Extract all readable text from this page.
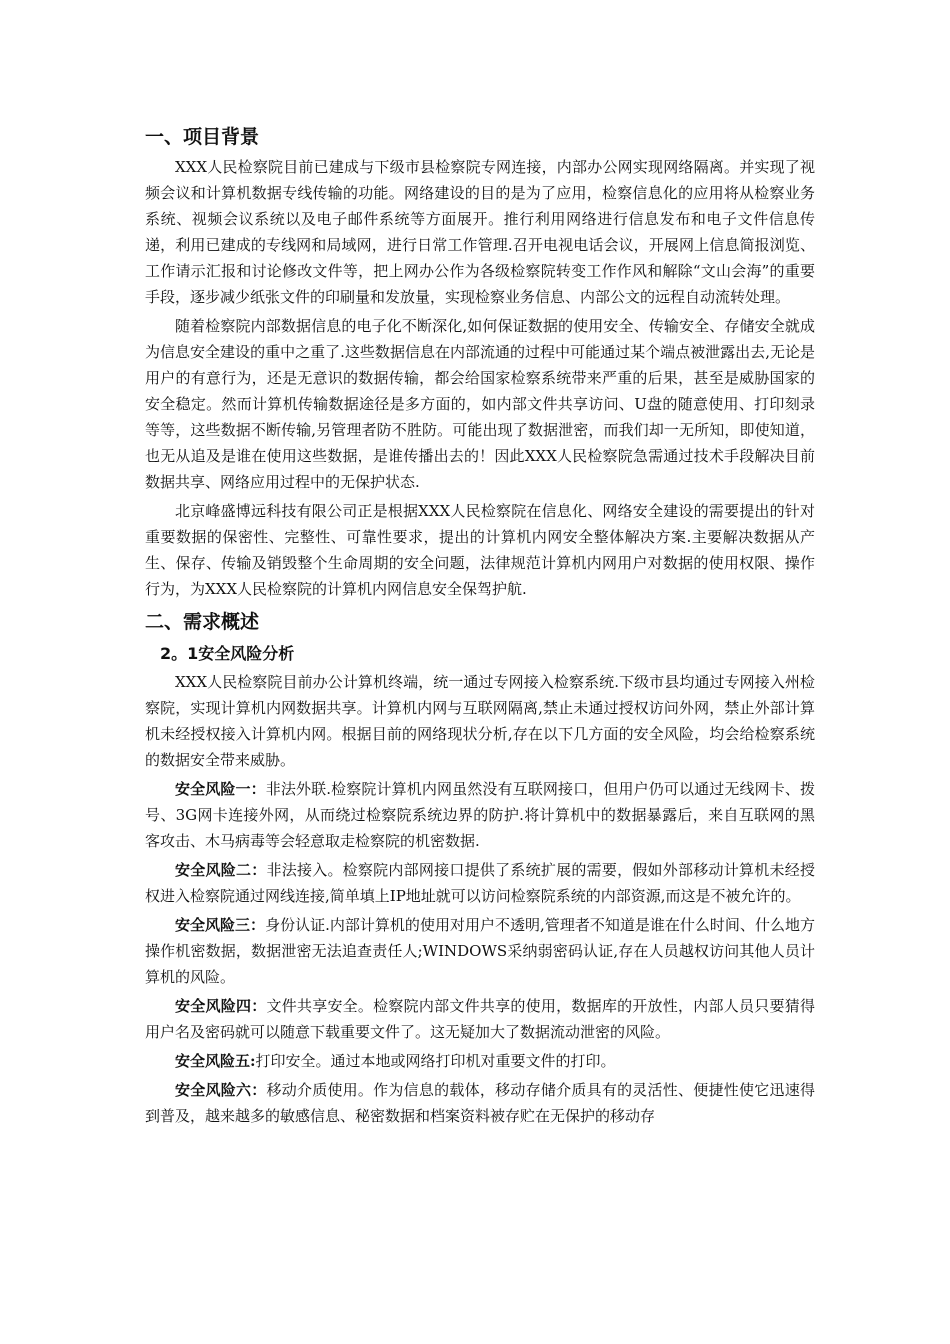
一、项目背景

XXX人民检察院目前已建成与下级市县检察院专网连接，内部办公网实现网络隔离。并实现了视频会议和计算机数据专线传输的功能。网络建设的目的是为了应用，检察信息化的应用将从检察业务系统、视频会议系统以及电子邮件系统等方面展开。推行利用网络进行信息发布和电子文件信息传递，利用已建成的专线网和局域网，进行日常工作管理.召开电视电话会议，开展网上信息简报浏览、工作请示汇报和讨论修改文件等，把上网办公作为各级检察院转变工作作风和解除“文山会海”的重要手段，逐步减少纸张文件的印刷量和发放量，实现检察业务信息、内部公文的远程自动流转处理。

随着检察院内部数据信息的电子化不断深化,如何保证数据的使用安全、传输安全、存储安全就成为信息安全建设的重中之重了.这些数据信息在内部流通的过程中可能通过某个端点被泄露出去,无论是用户的有意行为，还是无意识的数据传输，都会给国家检察系统带来严重的后果，甚至是威胁国家的安全稳定。然而计算机传输数据途径是多方面的，如内部文件共享访问、U盘的随意使用、打印刻录等等，这些数据不断传输,另管理者防不胜防。可能出现了数据泄密，而我们却一无所知，即使知道，也无从追及是谁在使用这些数据，是谁传播出去的！因此XXX人民检察院急需通过技术手段解决目前数据共享、网络应用过程中的无保护状态.

北京峰盛博远科技有限公司正是根据XXX人民检察院在信息化、网络安全建设的需要提出的针对重要数据的保密性、完整性、可靠性要求，提出的计算机内网安全整体解决方案.主要解决数据从产生、保存、传输及销毁整个生命周期的安全问题，法律规范计算机内网用户对数据的使用权限、操作行为，为XXX人民检察院的计算机内网信息安全保驾护航.

二、需求概述
2。1安全风险分析

XXX人民检察院目前办公计算机终端，统一通过专网接入检察系统.下级市县均通过专网接入州检察院，实现计算机内网数据共享。计算机内网与互联网隔离,禁止未通过授权访问外网，禁止外部计算机未经授权接入计算机内网。根据目前的网络现状分析,存在以下几方面的安全风险，均会给检察系统的数据安全带来威胁。

安全风险一：非法外联.检察院计算机内网虽然没有互联网接口，但用户仍可以通过无线网卡、拨号、3G网卡连接外网，从而绕过检察院系统边界的防护.将计算机中的数据暴露后，来自互联网的黑客攻击、木马病毒等会轻意取走检察院的机密数据.

安全风险二：非法接入。检察院内部网接口提供了系统扩展的需要，假如外部移动计算机未经授权进入检察院通过网线连接,简单填上IP地址就可以访问检察院系统的内部资源,而这是不被允许的。

安全风险三：身份认证.内部计算机的使用对用户不透明,管理者不知道是谁在什么时间、什么地方操作机密数据，数据泄密无法追查责任人;WINDOWS采纳弱密码认证,存在人员越权访问其他人员计算机的风险。

安全风险四：文件共享安全。检察院内部文件共享的使用，数据库的开放性，内部人员只要猜得用户名及密码就可以随意下载重要文件了。这无疑加大了数据流动泄密的风险。

安全风险五:打印安全。通过本地或网络打印机对重要文件的打印。

安全风险六：移动介质使用。作为信息的载体，移动存储介质具有的灵活性、便捷性使它迅速得到普及，越来越多的敏感信息、秘密数据和档案资料被存贮在无保护的移动存
